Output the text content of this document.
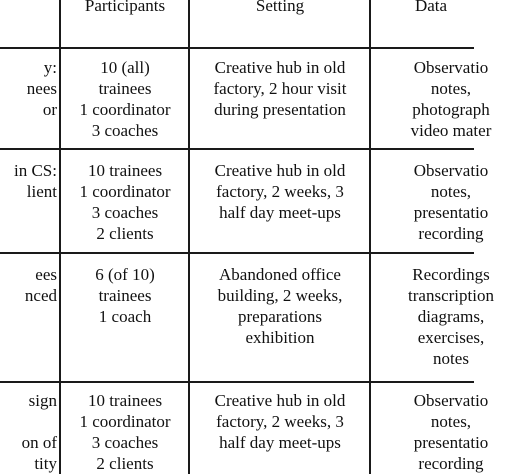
Participants	Setting	Data
y:
nees
or
10 (all)
trainees
1 coordinator
3 coaches
Creative hub in old
factory, 2 hour visit
during presentation
Observatio
notes,
photograph
video mater
in CS:
lient
10 trainees
1 coordinator
3 coaches
2 clients
Creative hub in old
factory, 2 weeks, 3
half day meet-ups
Observatio
notes,
presentatio
recording
ees
nced
6 (of 10)
trainees
1 coach
Abandoned office
building, 2 weeks,
preparations
exhibition
Recordings
transcription
diagrams,
exercises,
notes
sign

on of
tity
10 trainees
1 coordinator
3 coaches
2 clients
Creative hub in old
factory, 2 weeks, 3
half day meet-ups
Observatio
notes,
presentatio
recording
